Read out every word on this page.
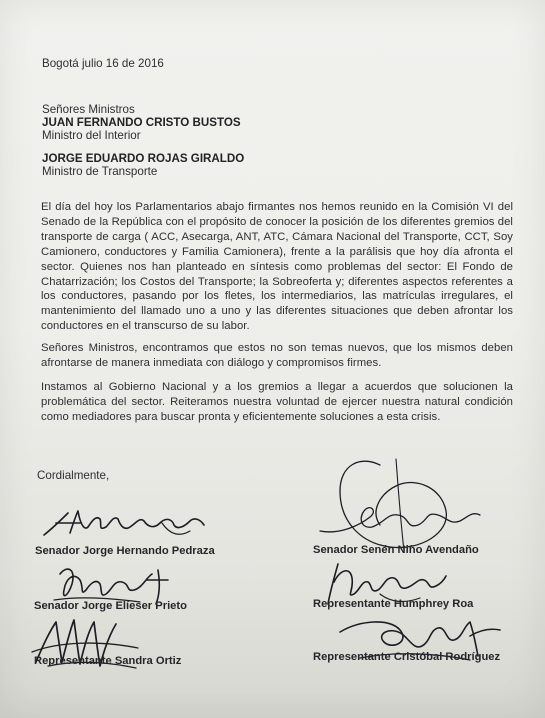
Bogotá julio 16 de 2016
Señores Ministros
JUAN FERNANDO CRISTO BUSTOS
Ministro del Interior
JORGE EDUARDO ROJAS GIRALDO
Ministro de Transporte
El día del hoy los Parlamentarios abajo firmantes nos hemos reunido en la Comisión VI del Senado de la República con el propósito de conocer la posición de los diferentes gremios del transporte de carga ( ACC, Asecarga, ANT, ATC, Cámara Nacional del Transporte, CCT, Soy Camionero, conductores y Familia Camionera), frente a la parálisis que hoy día afronta el sector. Quienes nos han planteado en síntesis como problemas del sector: El Fondo de Chatarrización; los Costos del Transporte; la Sobreoferta y; diferentes aspectos referentes a los conductores, pasando por los fletes, los intermediarios, las matrículas irregulares, el mantenimiento del llamado uno a uno y las diferentes situaciones que deben afrontar los conductores en el transcurso de su labor.
Señores Ministros, encontramos que estos no son temas nuevos, que los mismos deben afrontarse de manera inmediata con diálogo y compromisos firmes.
Instamos al Gobierno Nacional y a los gremios a llegar a acuerdos que solucionen la problemática del sector. Reiteramos nuestra voluntad de ejercer nuestra natural condición como mediadores para buscar pronta y eficientemente soluciones a esta crisis.
Cordialmente,
Senador Jorge Hernando Pedraza	Senador Senén Niño Avendaño
Senador Jorge Elíeser Prieto	Representante Humphrey Roa
Representante Sandra Ortiz	Representante Cristóbal Rodríguez
